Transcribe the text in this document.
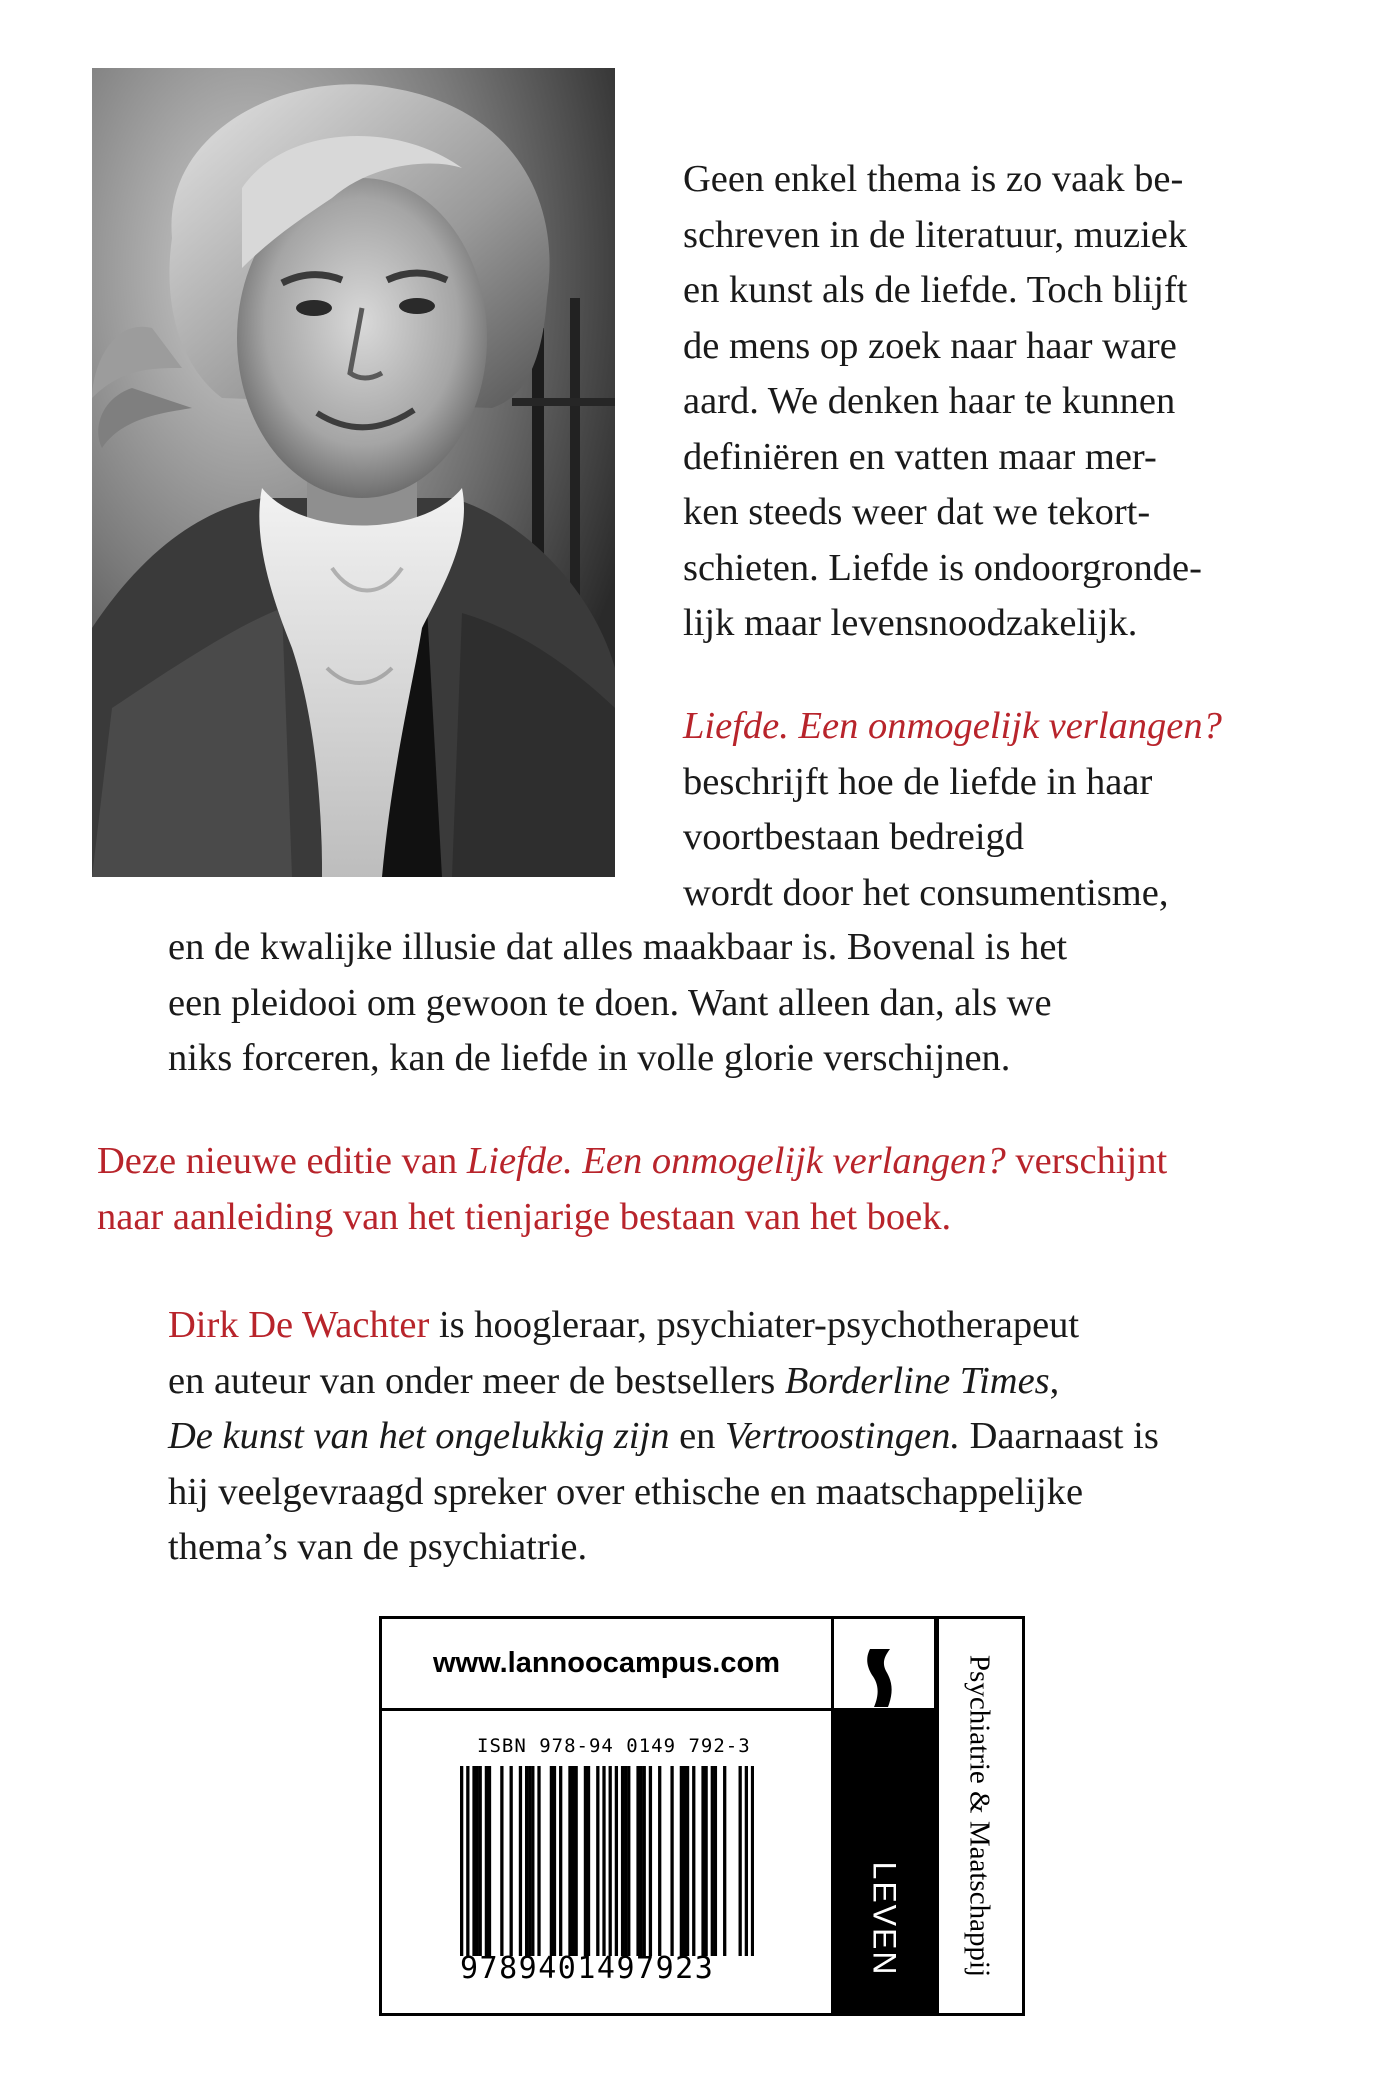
Geen enkel thema is zo vaak be-
schreven in de literatuur, muziek
en kunst als de liefde. Toch blijft
de mens op zoek naar haar ware
aard. We denken haar te kunnen
definiëren en vatten maar mer-
ken steeds weer dat we tekort-
schieten. Liefde is ondoorgronde-
lijk maar levensnoodzakelijk.

Liefde. Een onmogelijk verlangen?
beschrijft hoe de liefde in haar
voortbestaan bedreigd
wordt door het consumentisme,

en de kwalijke illusie dat alles maakbaar is. Bovenal is het
een pleidooi om gewoon te doen. Want alleen dan, als we
niks forceren, kan de liefde in volle glorie verschijnen.

Deze nieuwe editie van Liefde. Een onmogelijk verlangen? verschijnt
naar aanleiding van het tienjarige bestaan van het boek.

Dirk De Wachter is hoogleraar, psychiater-psychotherapeut
en auteur van onder meer de bestsellers Borderline Times,
De kunst van het ongelukkig zijn en Vertroostingen. Daarnaast is
hij veelgevraagd spreker over ethische en maatschappelijke
thema’s van de psychiatrie.

www.lannoocampus.com
ISBN 978-94 0149 792-3
9789401497923	LEVEN Psychiatrie & Maatschappij
